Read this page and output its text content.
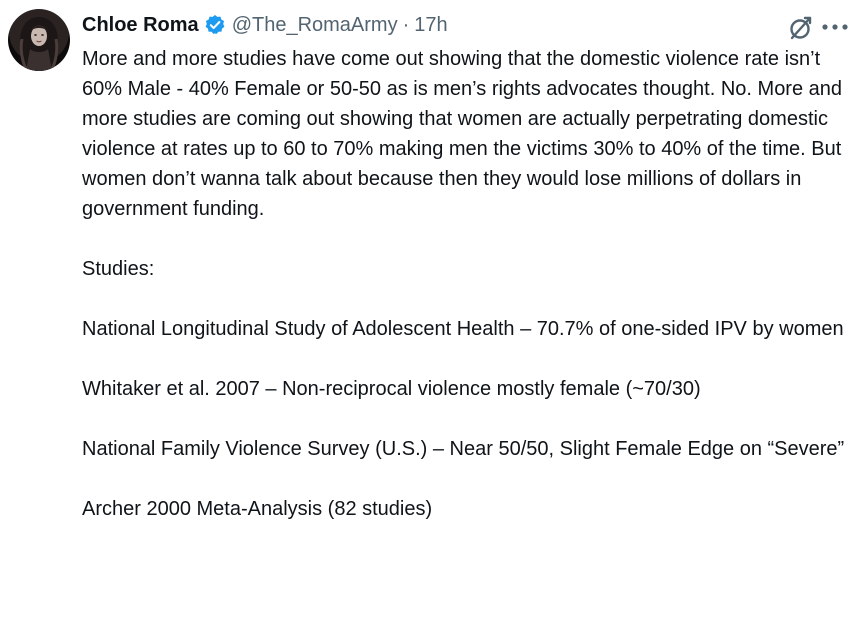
Chloe Roma @The_RomaArmy · 17h

More and more studies have come out showing that the domestic violence rate isn’t 60% Male - 40% Female or 50-50 as is men’s rights advocates thought. No. More and more studies are coming out showing that women are actually perpetrating domestic violence at rates up to 60 to 70% making men the victims 30% to 40% of the time. But women don’t wanna talk about because then they would lose millions of dollars in government funding.

Studies:

National Longitudinal Study of Adolescent Health – 70.7% of one-sided IPV by women

Whitaker et al. 2007 – Non-reciprocal violence mostly female (~70/30)

National Family Violence Survey (U.S.) – Near 50/50, Slight Female Edge on “Severe”

Archer 2000 Meta-Analysis (82 studies)
